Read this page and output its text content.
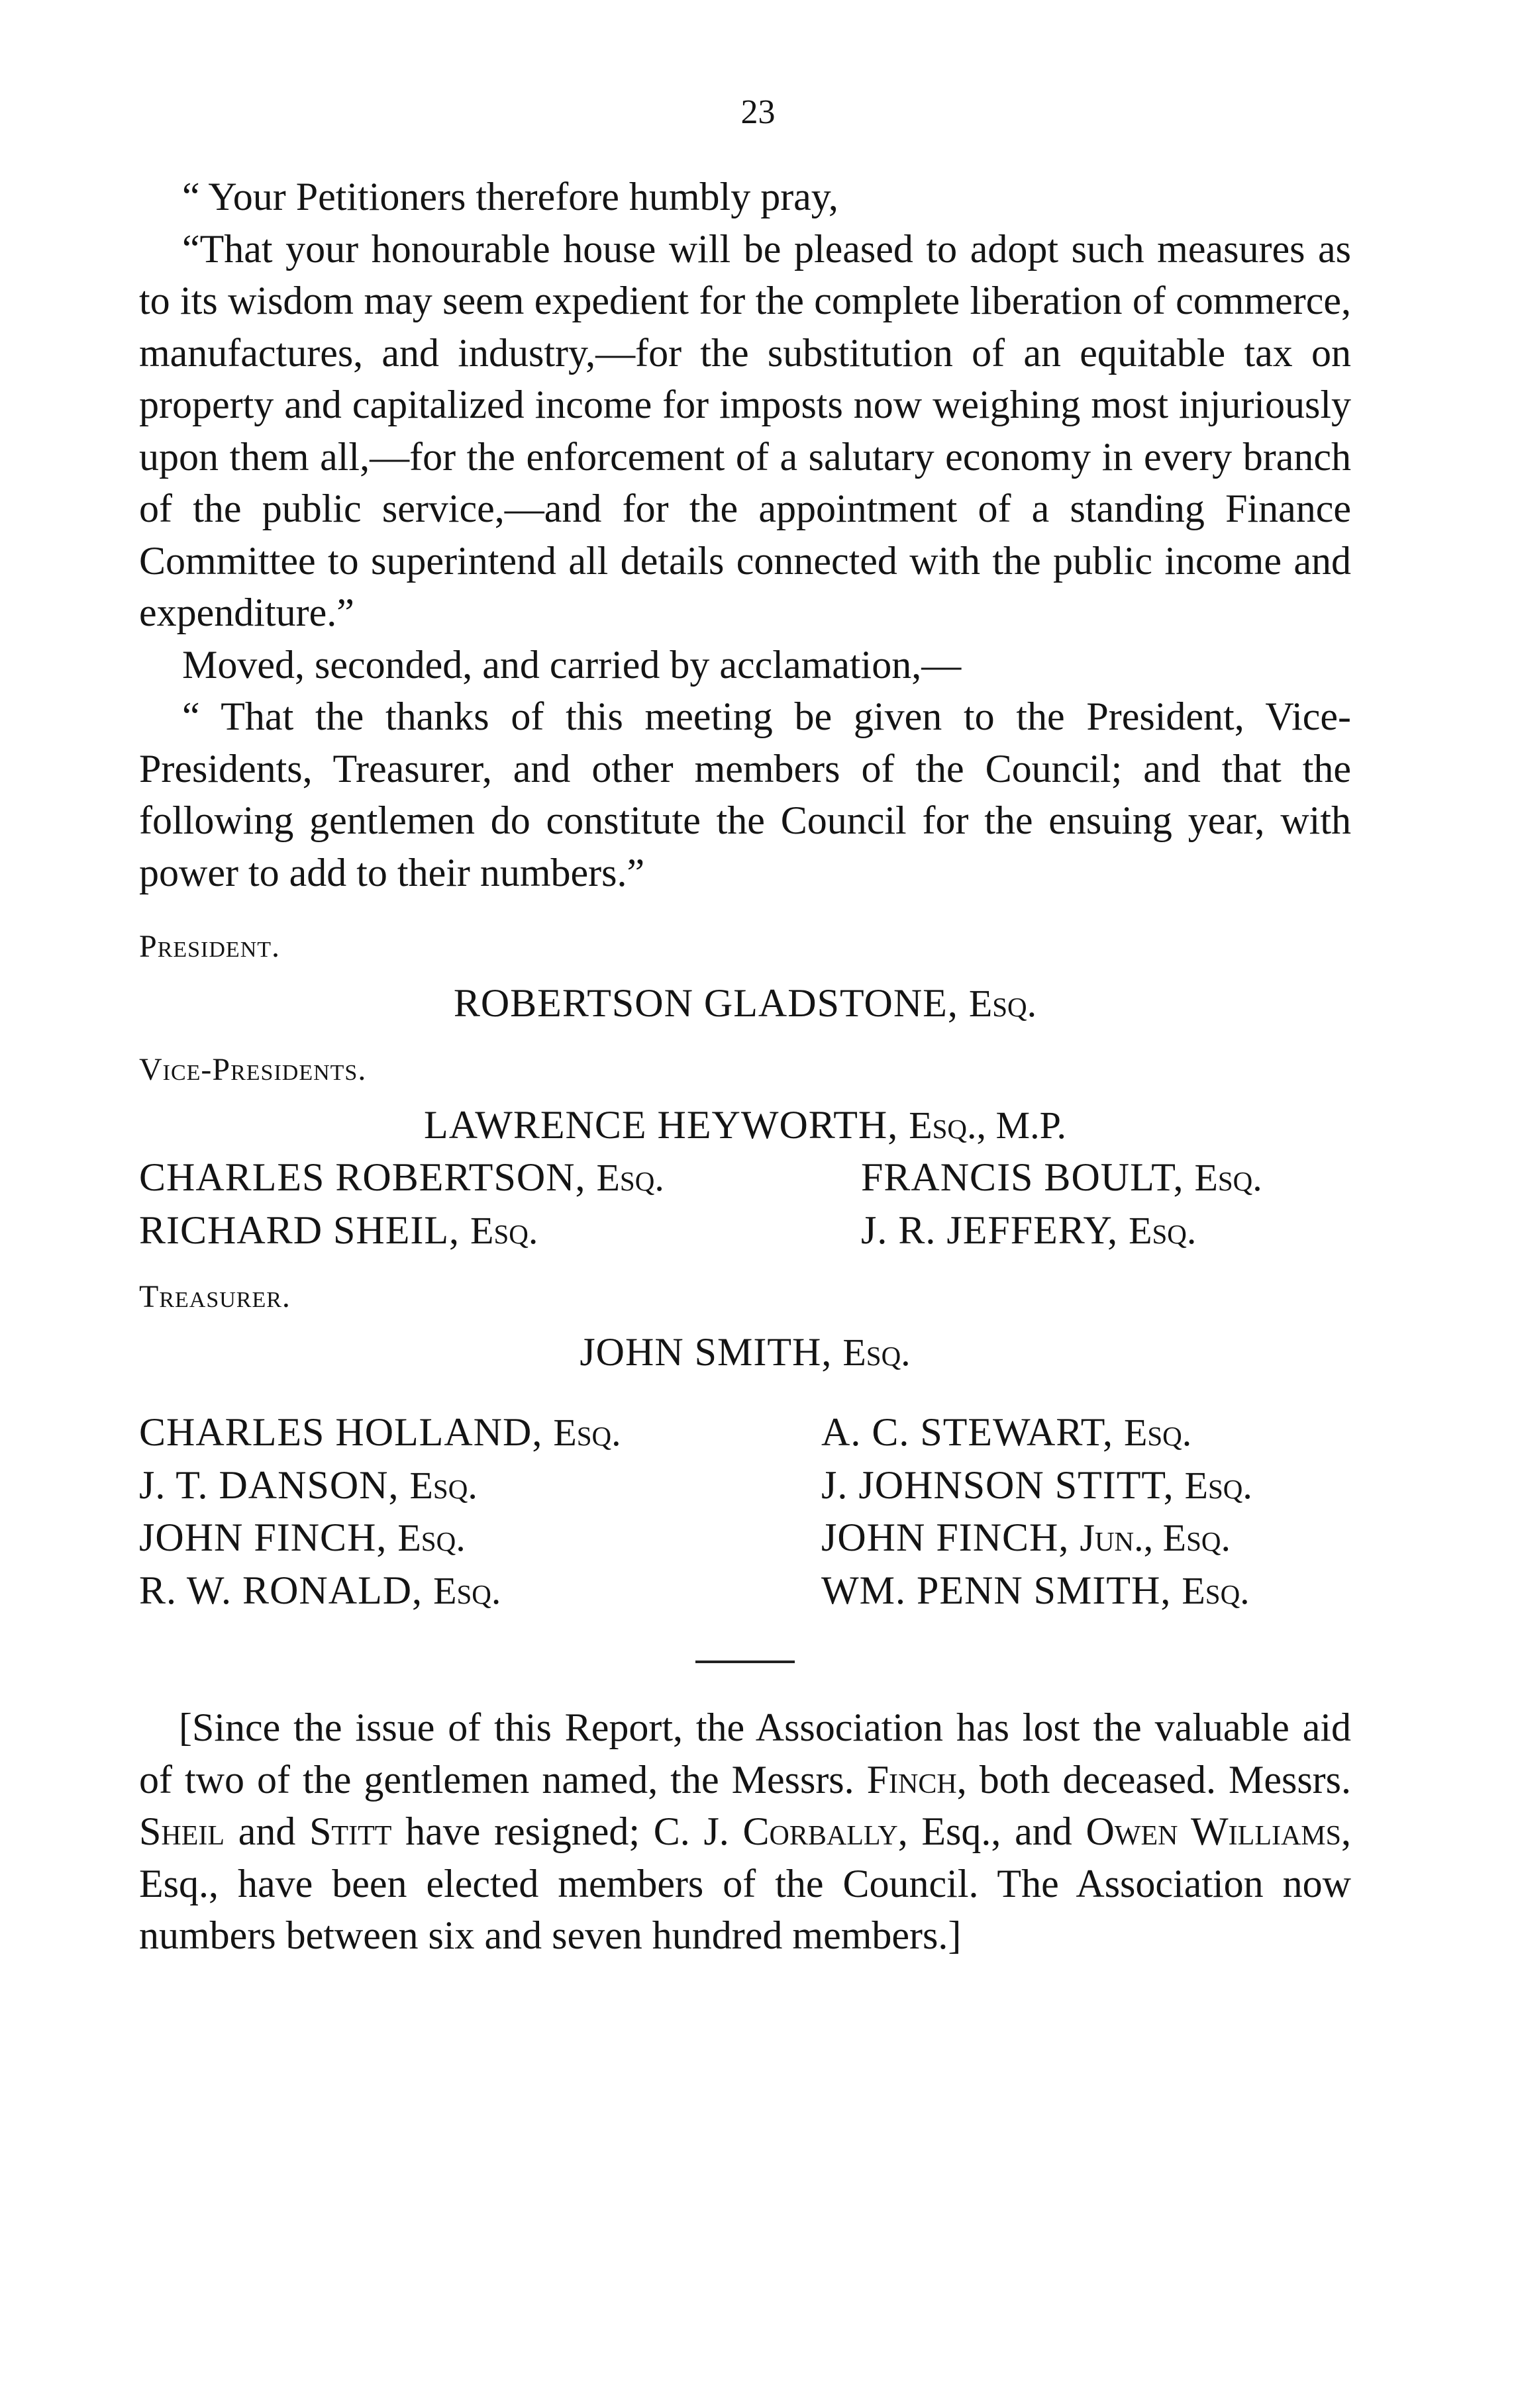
23

“ Your Petitioners therefore humbly pray,

“That your honourable house will be pleased to adopt such measures as to its wisdom may seem expedient for the complete liberation of commerce, manufactures, and industry,—for the substitution of an equitable tax on property and capitalized income for imposts now weighing most injuriously upon them all,—for the enforcement of a salutary economy in every branch of the public service,—and for the appointment of a standing Finance Committee to superintend all details connected with the public income and expenditure.”

Moved, seconded, and carried by acclamation,—

“ That the thanks of this meeting be given to the President, Vice-Presidents, Treasurer, and other members of the Council; and that the following gentlemen do constitute the Council for the ensuing year, with power to add to their numbers.”

President.

ROBERTSON GLADSTONE, Esq.

Vice-Presidents.

LAWRENCE HEYWORTH, Esq., M.P.
CHARLES ROBERTSON, Esq.	FRANCIS BOULT, Esq.
RICHARD SHEIL, Esq.	J. R. JEFFERY, Esq.

Treasurer.

JOHN SMITH, Esq.
CHARLES HOLLAND, Esq.	A. C. STEWART, Esq.
J. T. DANSON, Esq.	J. JOHNSON STITT, Esq.
JOHN FINCH, Esq.	JOHN FINCH, Jun., Esq.
R. W. RONALD, Esq.	WM. PENN SMITH, Esq.

[Since the issue of this Report, the Association has lost the valuable aid of two of the gentlemen named, the Messrs. Finch, both deceased. Messrs. Sheil and Stitt have resigned; C. J. Corbally, Esq., and Owen Williams, Esq., have been elected members of the Council. The Association now numbers between six and seven hundred members.]
